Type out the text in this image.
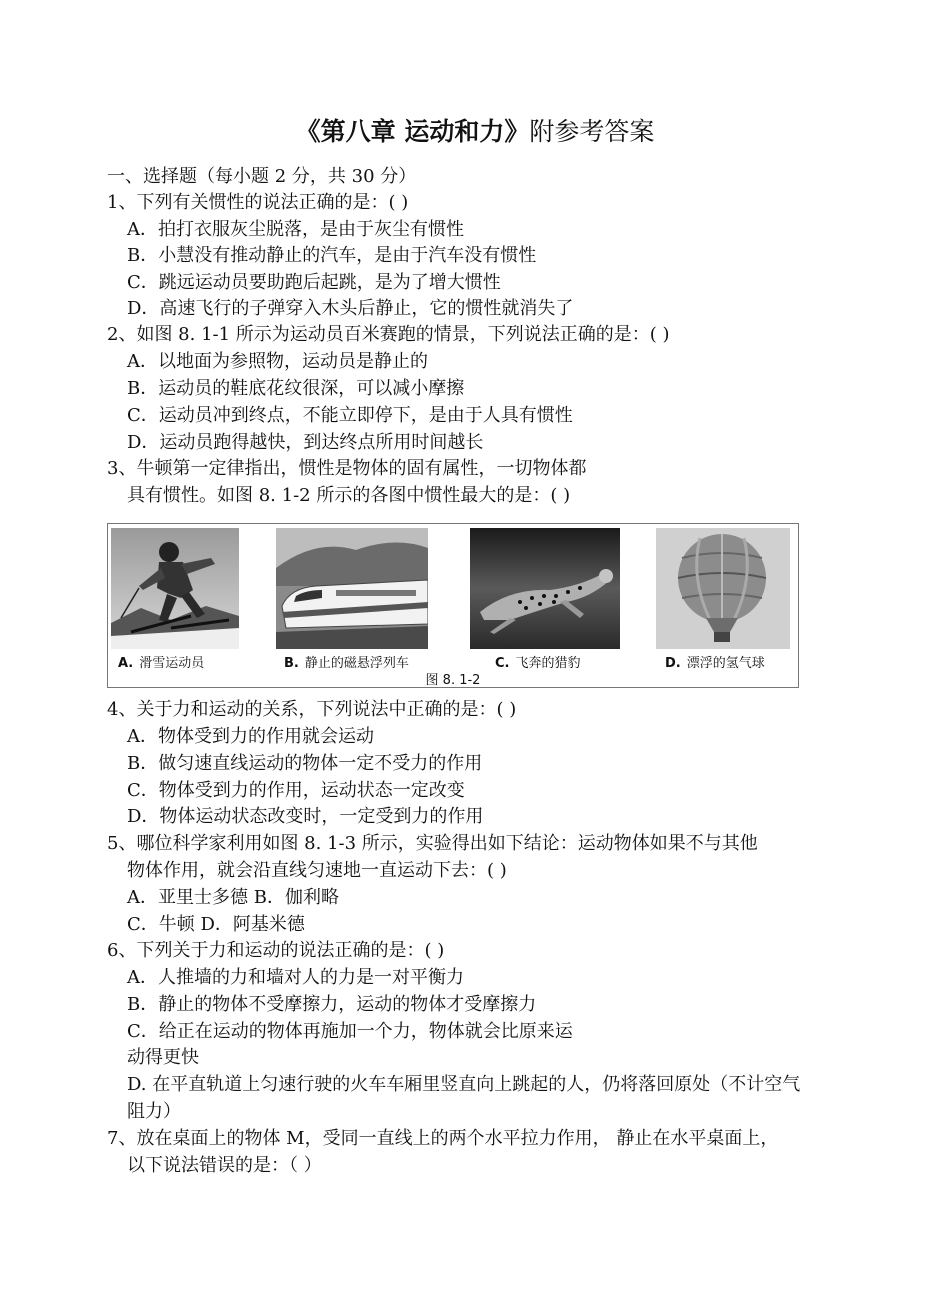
《第八章 运动和力》附参考答案
一、选择题（每小题 2 分，共 30 分）
1、下列有关惯性的说法正确的是：( )
A．拍打衣服灰尘脱落，是由于灰尘有惯性
B．小慧没有推动静止的汽车，是由于汽车没有惯性
C．跳远运动员要助跑后起跳，是为了增大惯性
D．高速飞行的子弹穿入木头后静止，它的惯性就消失了
2、如图 8. 1-1 所示为运动员百米赛跑的情景，下列说法正确的是：( )
A．以地面为参照物，运动员是静止的
B．运动员的鞋底花纹很深，可以减小摩擦
C．运动员冲到终点，不能立即停下，是由于人具有惯性
D．运动员跑得越快，到达终点所用时间越长
3、牛顿第一定律指出，惯性是物体的固有属性，一切物体都
具有惯性。如图 8. 1-2 所示的各图中惯性最大的是：( )
A. 滑雪运动员	B. 静止的磁悬浮列车	C. 飞奔的猎豹	D. 漂浮的氢气球
图 8. 1-2
4、关于力和运动的关系，下列说法中正确的是：( )
A．物体受到力的作用就会运动
B．做匀速直线运动的物体一定不受力的作用
C．物体受到力的作用，运动状态一定改变
D．物体运动状态改变时，一定受到力的作用
5、哪位科学家利用如图 8. 1-3 所示，实验得出如下结论：运动物体如果不与其他
物体作用，就会沿直线匀速地一直运动下去：( )
A．亚里士多德 B．伽利略
C．牛顿 D．阿基米德
6、下列关于力和运动的说法正确的是：( )
A．人推墙的力和墙对人的力是一对平衡力
B．静止的物体不受摩擦力，运动的物体才受摩擦力
C．给正在运动的物体再施加一个力，物体就会比原来运
动得更快
D. 在平直轨道上匀速行驶的火车车厢里竖直向上跳起的人，仍将落回原处（不计空气
阻力）
7、放在桌面上的物体 M，受同一直线上的两个水平拉力作用， 静止在水平桌面上，
以下说法错误的是：（ ）
